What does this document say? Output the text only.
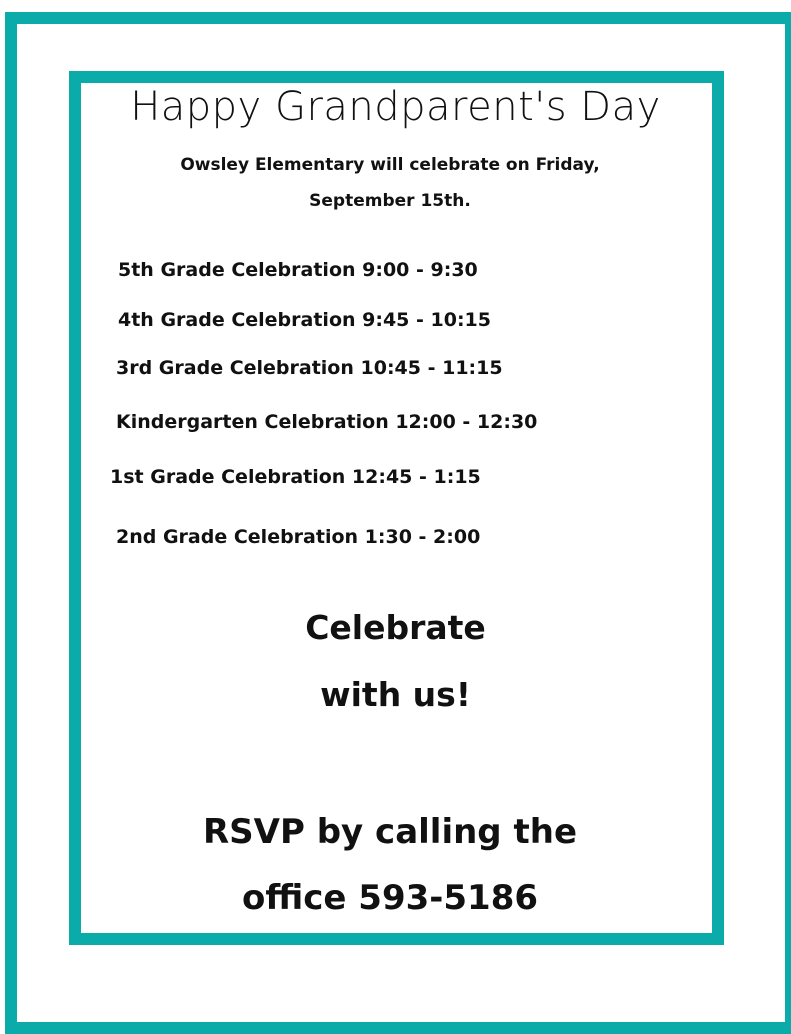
Happy Grandparent's Day
Owsley Elementary will celebrate on Friday,
September 15th.
5th Grade Celebration 9:00 - 9:30
4th Grade Celebration 9:45 - 10:15
3rd Grade Celebration 10:45 - 11:15
Kindergarten Celebration 12:00 - 12:30
1st Grade Celebration 12:45 - 1:15
2nd Grade Celebration 1:30 - 2:00
Celebrate
with us!
RSVP by calling the
office 593-5186
